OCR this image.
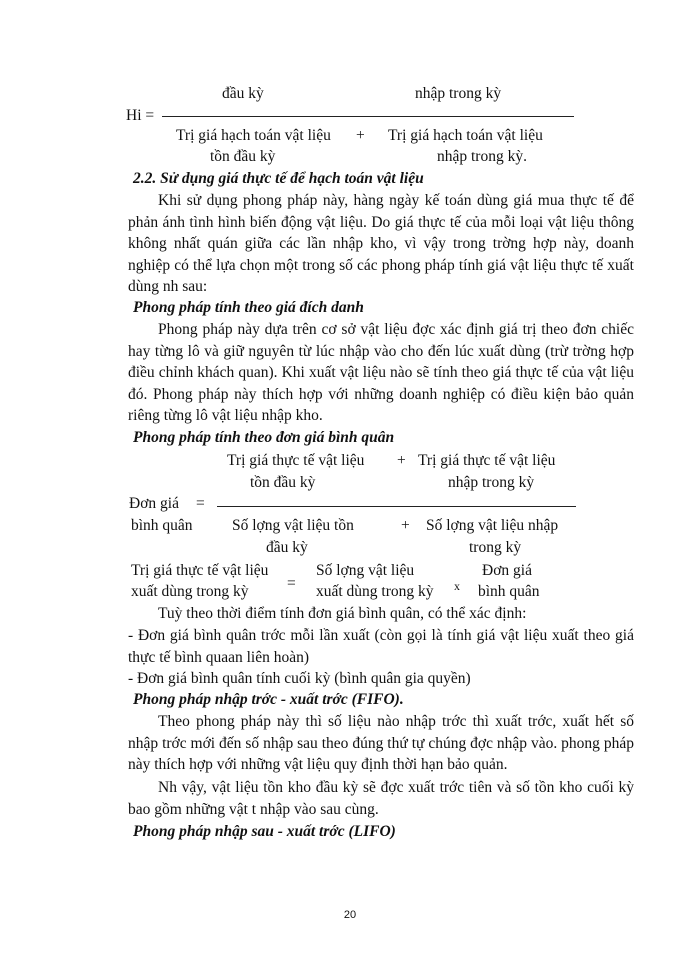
đầu kỳ	nhập trong kỳ
Hi =
Trị giá hạch toán vật liệu + Trị giá hạch toán vật liệu
tồn đầu kỳ	nhập trong kỳ.
2.2. Sử dụng giá thực tế để hạch toán vật liệu

Khi sử dụng phong pháp này, hàng ngày kế toán dùng giá mua thực tế để phản ánh tình hình biến động vật liệu. Do giá thực tế của mỗi loại vật liệu thông không nhất quán giữa các lần nhập kho, vì vậy trong trờng hợp này, doanh nghiệp có thể lựa chọn một trong số các phong pháp tính giá vật liệu thực tế xuất dùng nh sau:

Phong pháp tính theo giá đích danh

Phong pháp này dựa trên cơ sở vật liệu đợc xác định giá trị theo đơn chiếc hay từng lô và giữ nguyên từ lúc nhập vào cho đến lúc xuất dùng (trừ trờng hợp điều chỉnh khách quan). Khi xuất vật liệu nào sẽ tính theo giá thực tế của vật liệu đó. Phong pháp này thích hợp với những doanh nghiệp có điều kiện bảo quản riêng từng lô vật liệu nhập kho.

Phong pháp tính theo đơn giá bình quân
Trị giá thực tế vật liệu + Trị giá thực tế vật liệu
tồn đầu kỳ	nhập trong kỳ
Đơn giá =
bình quân	Số lợng vật liệu tồn	+ Số lợng vật liệu nhập
đầu kỳ	trong kỳ
Trị giá thực tế vật liệu	Số lợng vật liệu	Đơn giá
=
xuất dùng trong kỳ	xuất dùng trong kỳ x bình quân

Tuỳ theo thời điểm tính đơn giá bình quân, có thể xác định:

- Đơn giá bình quân trớc mỗi lần xuất (còn gọi là tính giá vật liệu xuất theo giá thực tế bình quaan liên hoàn)

- Đơn giá bình quân tính cuối kỳ (bình quân gia quyền)

Phong pháp nhập trớc - xuất trớc (FIFO).

Theo phong pháp này thì số liệu nào nhập trớc thì xuất trớc, xuất hết số nhập trớc mới đến số nhập sau theo đúng thứ tự chúng đợc nhập vào. phong pháp này thích hợp với những vật liệu quy định thời hạn bảo quản.

Nh vậy, vật liệu tồn kho đầu kỳ sẽ đợc xuất trớc tiên và số tồn kho cuối kỳ bao gồm những vật t nhập vào sau cùng.

Phong pháp nhập sau - xuất trớc (LIFO)
20
